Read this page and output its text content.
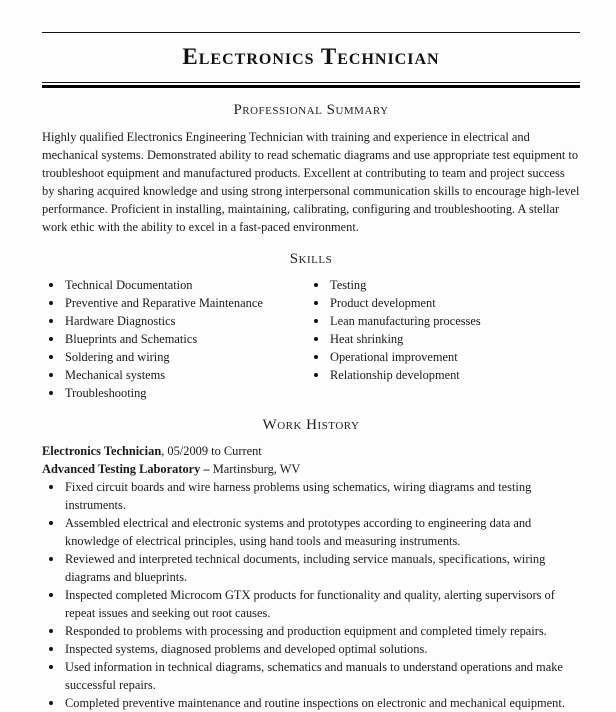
Electronics Technician
Professional Summary

Highly qualified Electronics Engineering Technician with training and experience in electrical and mechanical systems. Demonstrated ability to read schematic diagrams and use appropriate test equipment to troubleshoot equipment and manufactured products. Excellent at contributing to team and project success by sharing acquired knowledge and using strong interpersonal communication skills to encourage high-level performance. Proficient in installing, maintaining, calibrating, configuring and troubleshooting. A stellar work ethic with the ability to excel in a fast-paced environment.

Skills
Technical Documentation
Preventive and Reparative Maintenance
Hardware Diagnostics
Blueprints and Schematics
Soldering and wiring
Mechanical systems
Troubleshooting
Testing
Product development
Lean manufacturing processes
Heat shrinking
Operational improvement
Relationship development
Work History
Electronics Technician, 05/2009 to Current
Advanced Testing Laboratory – Martinsburg, WV
Fixed circuit boards and wire harness problems using schematics, wiring diagrams and testing instruments.
Assembled electrical and electronic systems and prototypes according to engineering data and knowledge of electrical principles, using hand tools and measuring instruments.
Reviewed and interpreted technical documents, including service manuals, specifications, wiring diagrams and blueprints.
Inspected completed Microcom GTX products for functionality and quality, alerting supervisors of repeat issues and seeking out root causes.
Responded to problems with processing and production equipment and completed timely repairs.
Inspected systems, diagnosed problems and developed optimal solutions.
Used information in technical diagrams, schematics and manuals to understand operations and make successful repairs.
Completed preventive maintenance and routine inspections on electronic and mechanical equipment.
